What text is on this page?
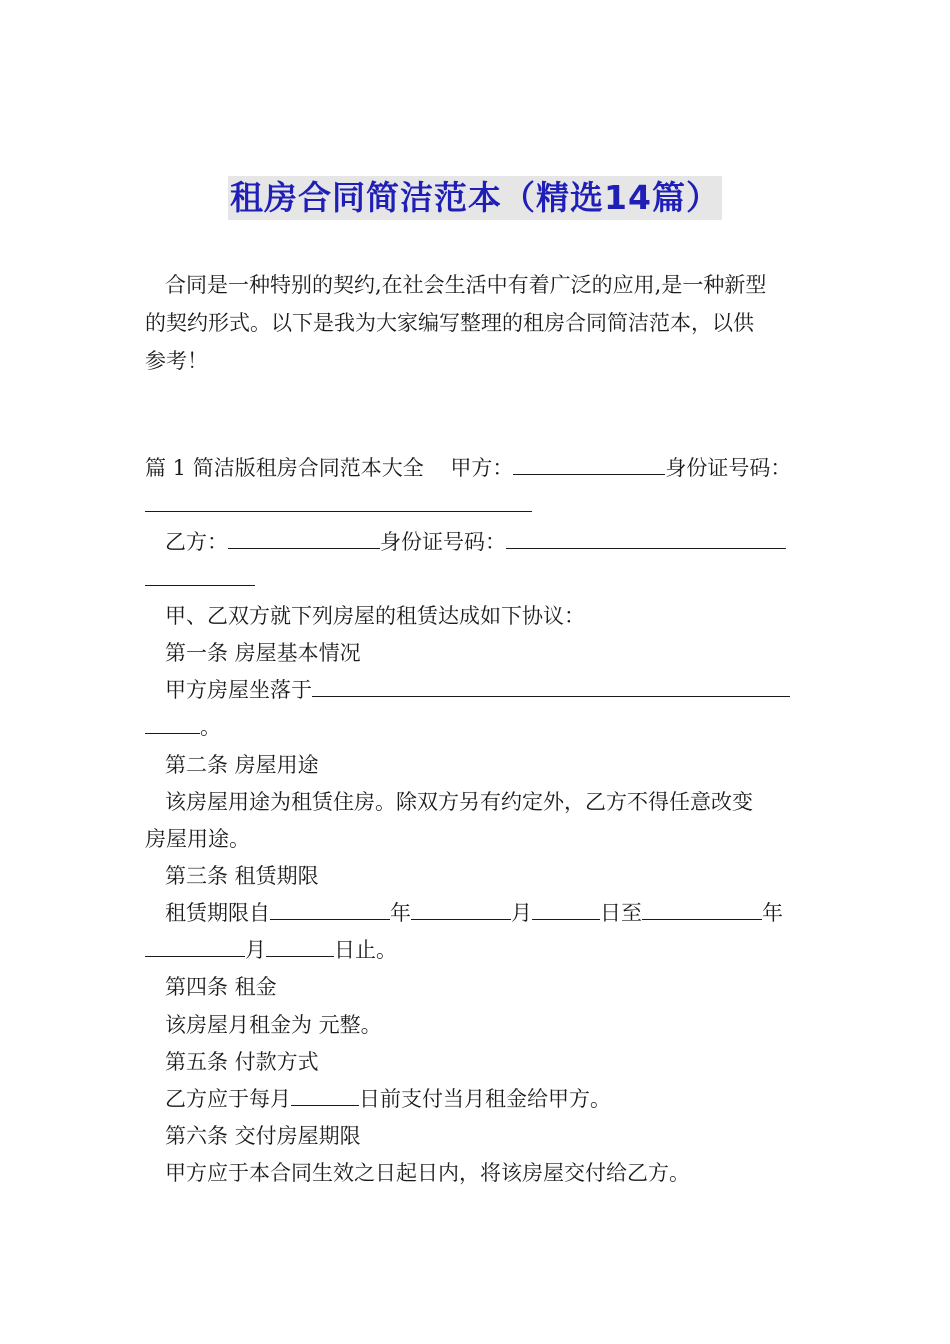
租房合同简洁范本（精选14篇）
合同是一种特别的契约,在社会生活中有着广泛的应用,是一种新型
的契约形式。以下是我为大家编写整理的租房合同简洁范本，以供
参考！
篇 1 简洁版租房合同范本大全 甲方：	身份证号码：
乙方：	身份证号码：
甲、乙双方就下列房屋的租赁达成如下协议：
第一条 房屋基本情况
甲方房屋坐落于
。
第二条 房屋用途
该房屋用途为租赁住房。除双方另有约定外，乙方不得任意改变
房屋用途。
第三条 租赁期限
租赁期限自	年	月	日至	年
月	日止。
第四条 租金
该房屋月租金为 元整。
第五条 付款方式
乙方应于每月	日前支付当月租金给甲方。
第六条 交付房屋期限
甲方应于本合同生效之日起日内，将该房屋交付给乙方。
